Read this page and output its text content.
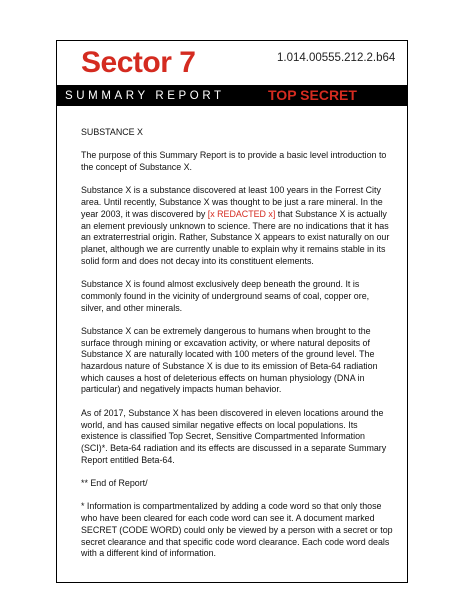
Sector 7	1.014.00555.212.2.b64
SUMMARY REPORT	TOP SECRET
SUBSTANCE X

The purpose of this Summary Report is to provide a basic level introduction to the concept of Substance X.

Substance X is a substance discovered at least 100 years in the Forrest City area. Until recently, Substance X was thought to be just a rare mineral. In the year 2003, it was discovered by [x REDACTED x] that Substance X is actually an element previously unknown to science. There are no indications that it has an extraterrestrial origin. Rather, Substance X appears to exist naturally on our planet, although we are currently unable to explain why it remains stable in its solid form and does not decay into its constituent elements.

Substance X is found almost exclusively deep beneath the ground. It is commonly found in the vicinity of underground seams of coal, copper ore, silver, and other minerals.

Substance X can be extremely dangerous to humans when brought to the surface through mining or excavation activity, or where natural deposits of Substance X are naturally located with 100 meters of the ground level. The hazardous nature of Substance X is due to its emission of Beta-64 radiation which causes a host of deleterious effects on human physiology (DNA in particular) and negatively impacts human behavior.

As of 2017, Substance X has been discovered in eleven locations around the world, and has caused similar negative effects on local populations. Its existence is classified Top Secret, Sensitive Compartmented Information (SCI)*. Beta-64 radiation and its effects are discussed in a separate Summary Report entitled Beta-64.

** End of Report/

* Information is compartmentalized by adding a code word so that only those who have been cleared for each code word can see it. A document marked SECRET (CODE WORD) could only be viewed by a person with a secret or top secret clearance and that specific code word clearance. Each code word deals with a different kind of information.
